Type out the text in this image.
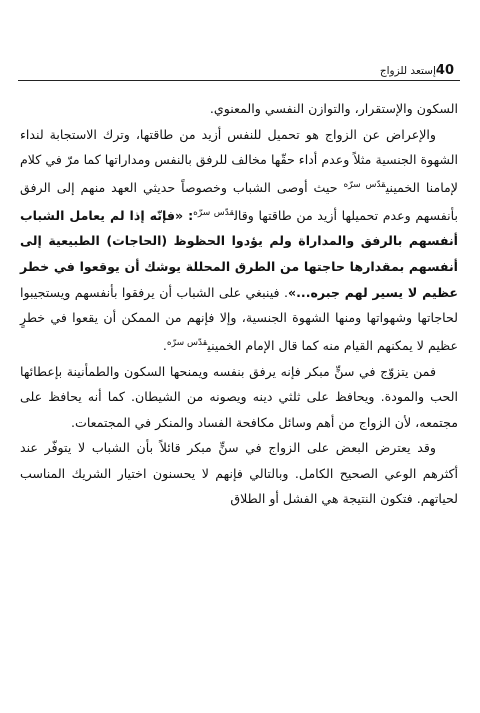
إستعد للزواج 40

السكون والإستقرار، والتوازن النفسي والمعنوي.

والإعراض عن الزواج هو تحميل للنفس أزيد من طاقتها، وترك الاستجابة لنداء الشهوة الجنسية مثلاً وعدم أداء حقّها مخالف للرفق بالنفس ومداراتها كما مرّ في كلام لإمامنا الخميني$^{قدّس سرّه}$ حيث أوصى الشباب وخصوصاً حديثي العهد منهم إلى الرفق بأنفسهم وعدم تحميلها أزيد من طاقتها وقال$^{قدّس سرّه}$: «فإنّه إذا لم يعامل الشباب أنفسهم بالرفق والمداراة ولم يؤدوا الحظوظ (الحاجات) الطبيعية إلى أنفسهم بمقدارها حاجتها من الطرق المحللة يوشك أن يوقعوا في خطر عظيم لا يسير لهم جبره...». فينبغي على الشباب أن يرفقوا بأنفسهم ويستجيبوا لحاجاتها وشهواتها ومنها الشهوة الجنسية، وإلا فإنهم من الممكن أن يقعوا في خطرٍ عظيم لا يمكنهم القيام منه كما قال الإمام الخميني$^{قدّس سرّه}$.

فمن يتزوّج في سنٍّ مبكر فإنه يرفق بنفسه ويمنحها السكون والطمأنينة بإعطائها الحب والمودة. ويحافظ على ثلثي دينه ويصونه من الشيطان. كما أنه يحافظ على مجتمعه، لأن الزواج من أهم وسائل مكافحة الفساد والمنكر في المجتمعات.

وقد يعترض البعض على الزواج في سنٍّ مبكر قائلاً بأن الشباب لا يتوفّر عند أكثرهم الوعي الصحيح الكامل. وبالتالي فإنهم لا يحسنون اختيار الشريك المناسب لحياتهم. فتكون النتيجة هي الفشل أو الطلاق
